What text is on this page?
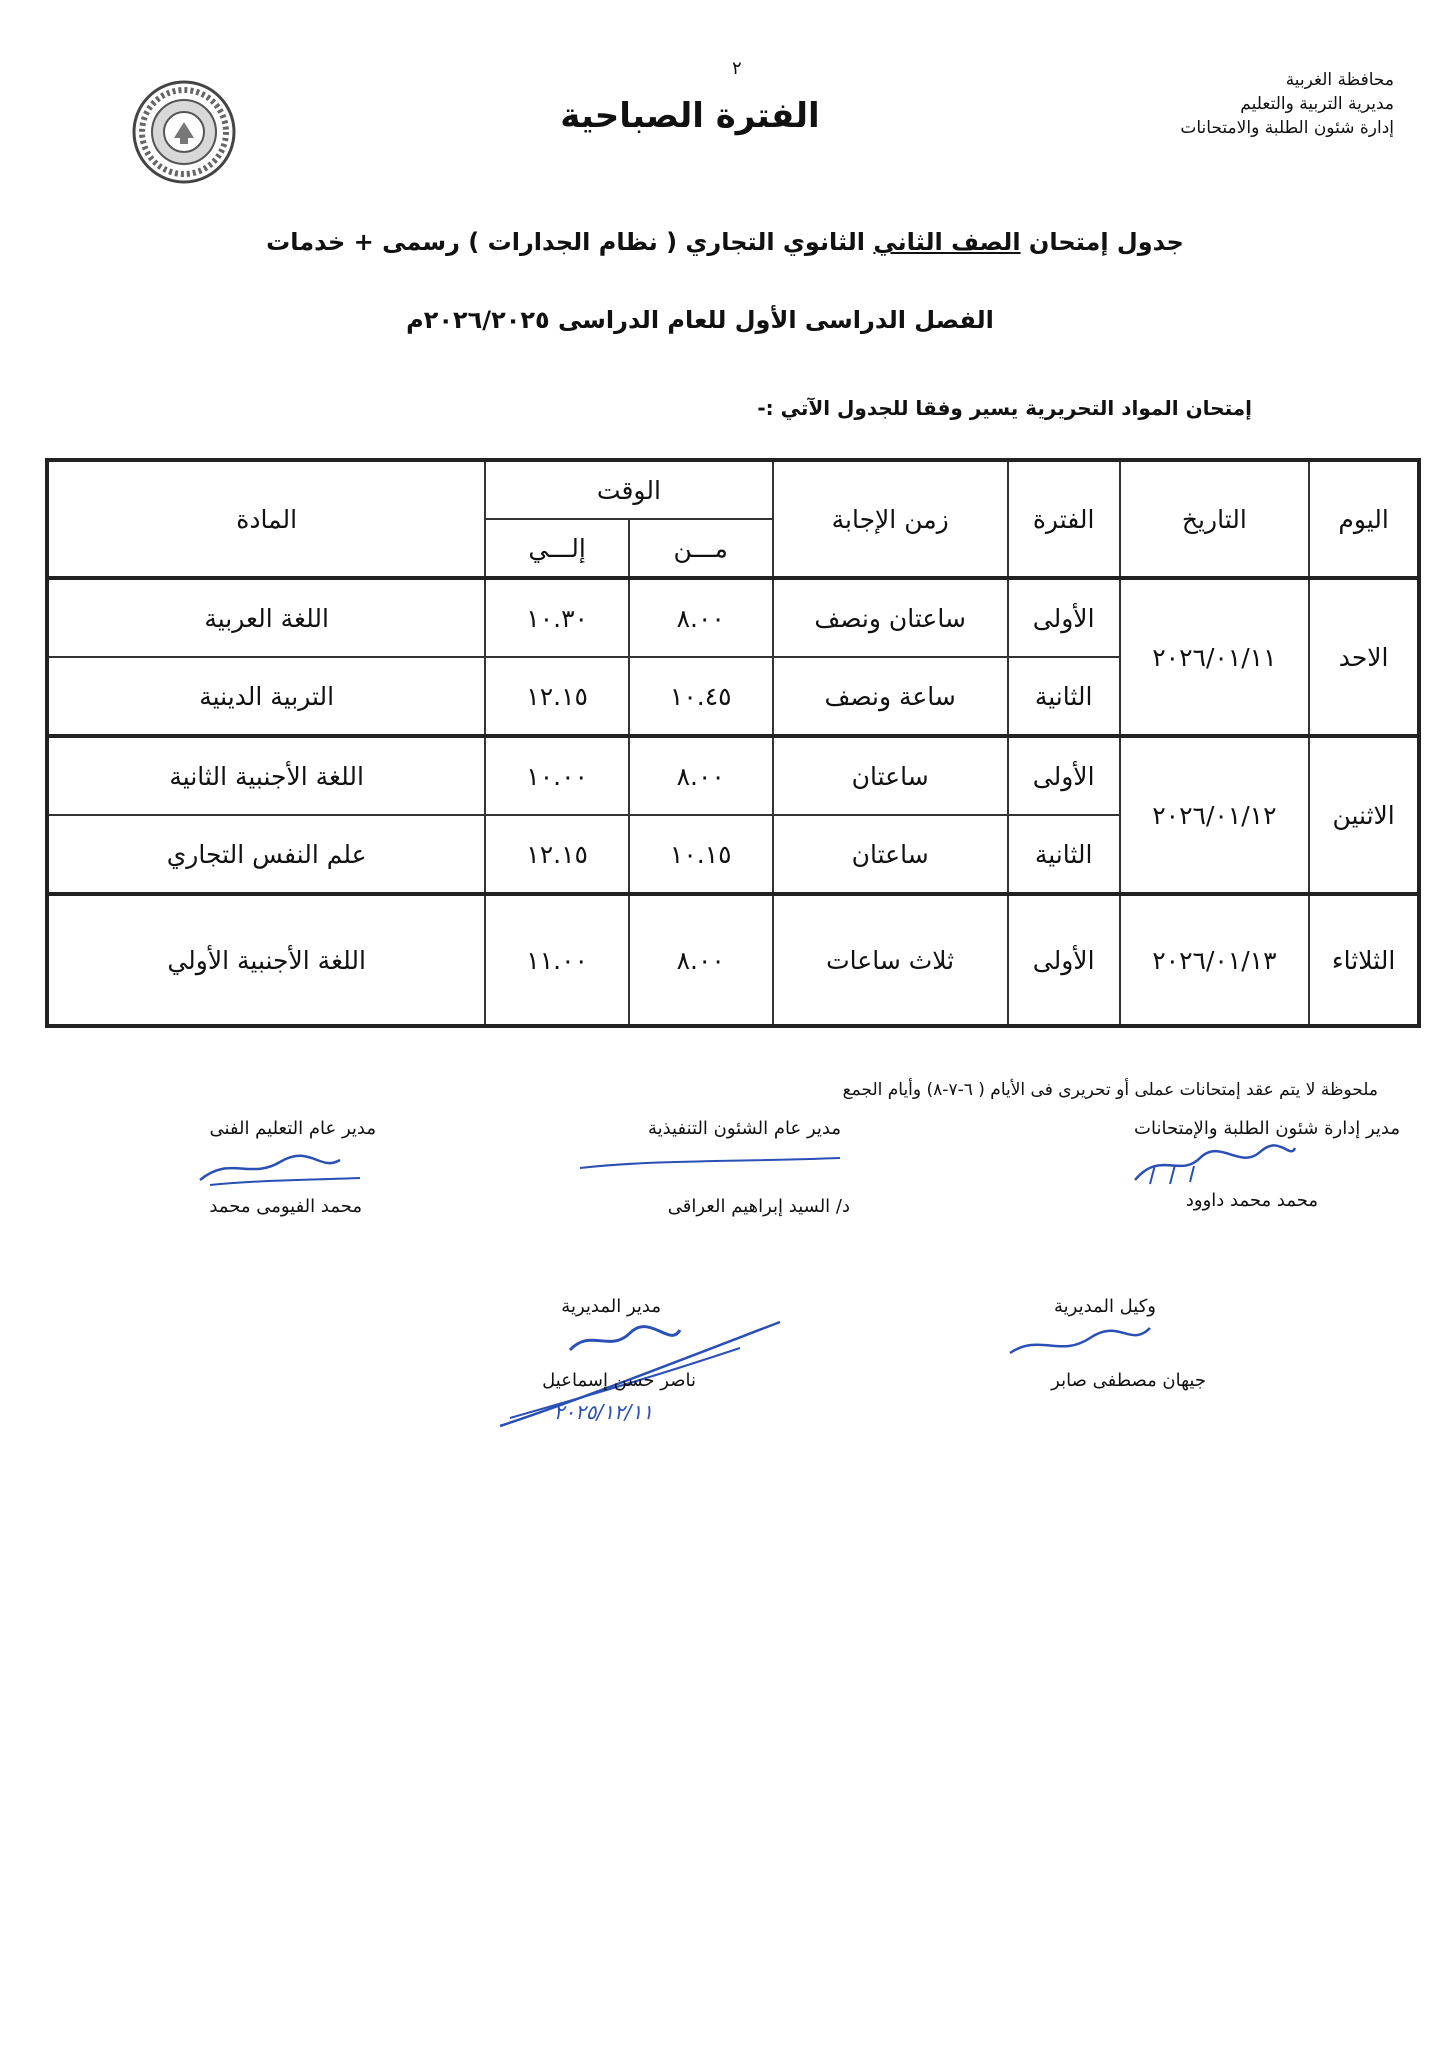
٢
الفترة الصباحية
محافظة الغربية
مديرية التربية والتعليم
إدارة شئون الطلبة والامتحانات
جدول إمتحان الصف الثاني الثانوي التجاري ( نظام الجدارات ) رسمى + خدمات
الفصل الدراسى الأول للعام الدراسى ٢٠٢٦/٢٠٢٥م
إمتحان المواد التحريرية يسير وفقا للجدول الآتي :-
اليوم	التاريخ	الفترة	زمن الإجابة	الوقت		المادة
				مـــن	إلـــي	
الاحد	٢٠٢٦/٠١/١١	الأولى	ساعتان ونصف	٨.٠٠	١٠.٣٠	اللغة العربية
		الثانية	ساعة ونصف	١٠.٤٥	١٢.١٥	التربية الدينية
الاثنين	٢٠٢٦/٠١/١٢	الأولى	ساعتان	٨.٠٠	١٠.٠٠	اللغة الأجنبية الثانية
		الثانية	ساعتان	١٠.١٥	١٢.١٥	علم النفس التجاري
الثلاثاء	٢٠٢٦/٠١/١٣	الأولى	ثلاث ساعات	٨.٠٠	١١.٠٠	اللغة الأجنبية الأولي
ملحوظة لا يتم عقد إمتحانات عملى أو تحريرى فى الأيام ( ٦-٧-٨) وأيام الجمع
مدير إدارة شئون الطلبة والإمتحانات
مدير عام الشئون التنفيذية
مدير عام التعليم الفنى
محمد محمد داوود
د/ السيد إبراهيم العراقى
محمد الفيومى محمد
وكيل المديرية
مدير المديرية
جيهان مصطفى صابر
ناصر حسن إسماعيل
٢٠٢٥/١٢/١١
